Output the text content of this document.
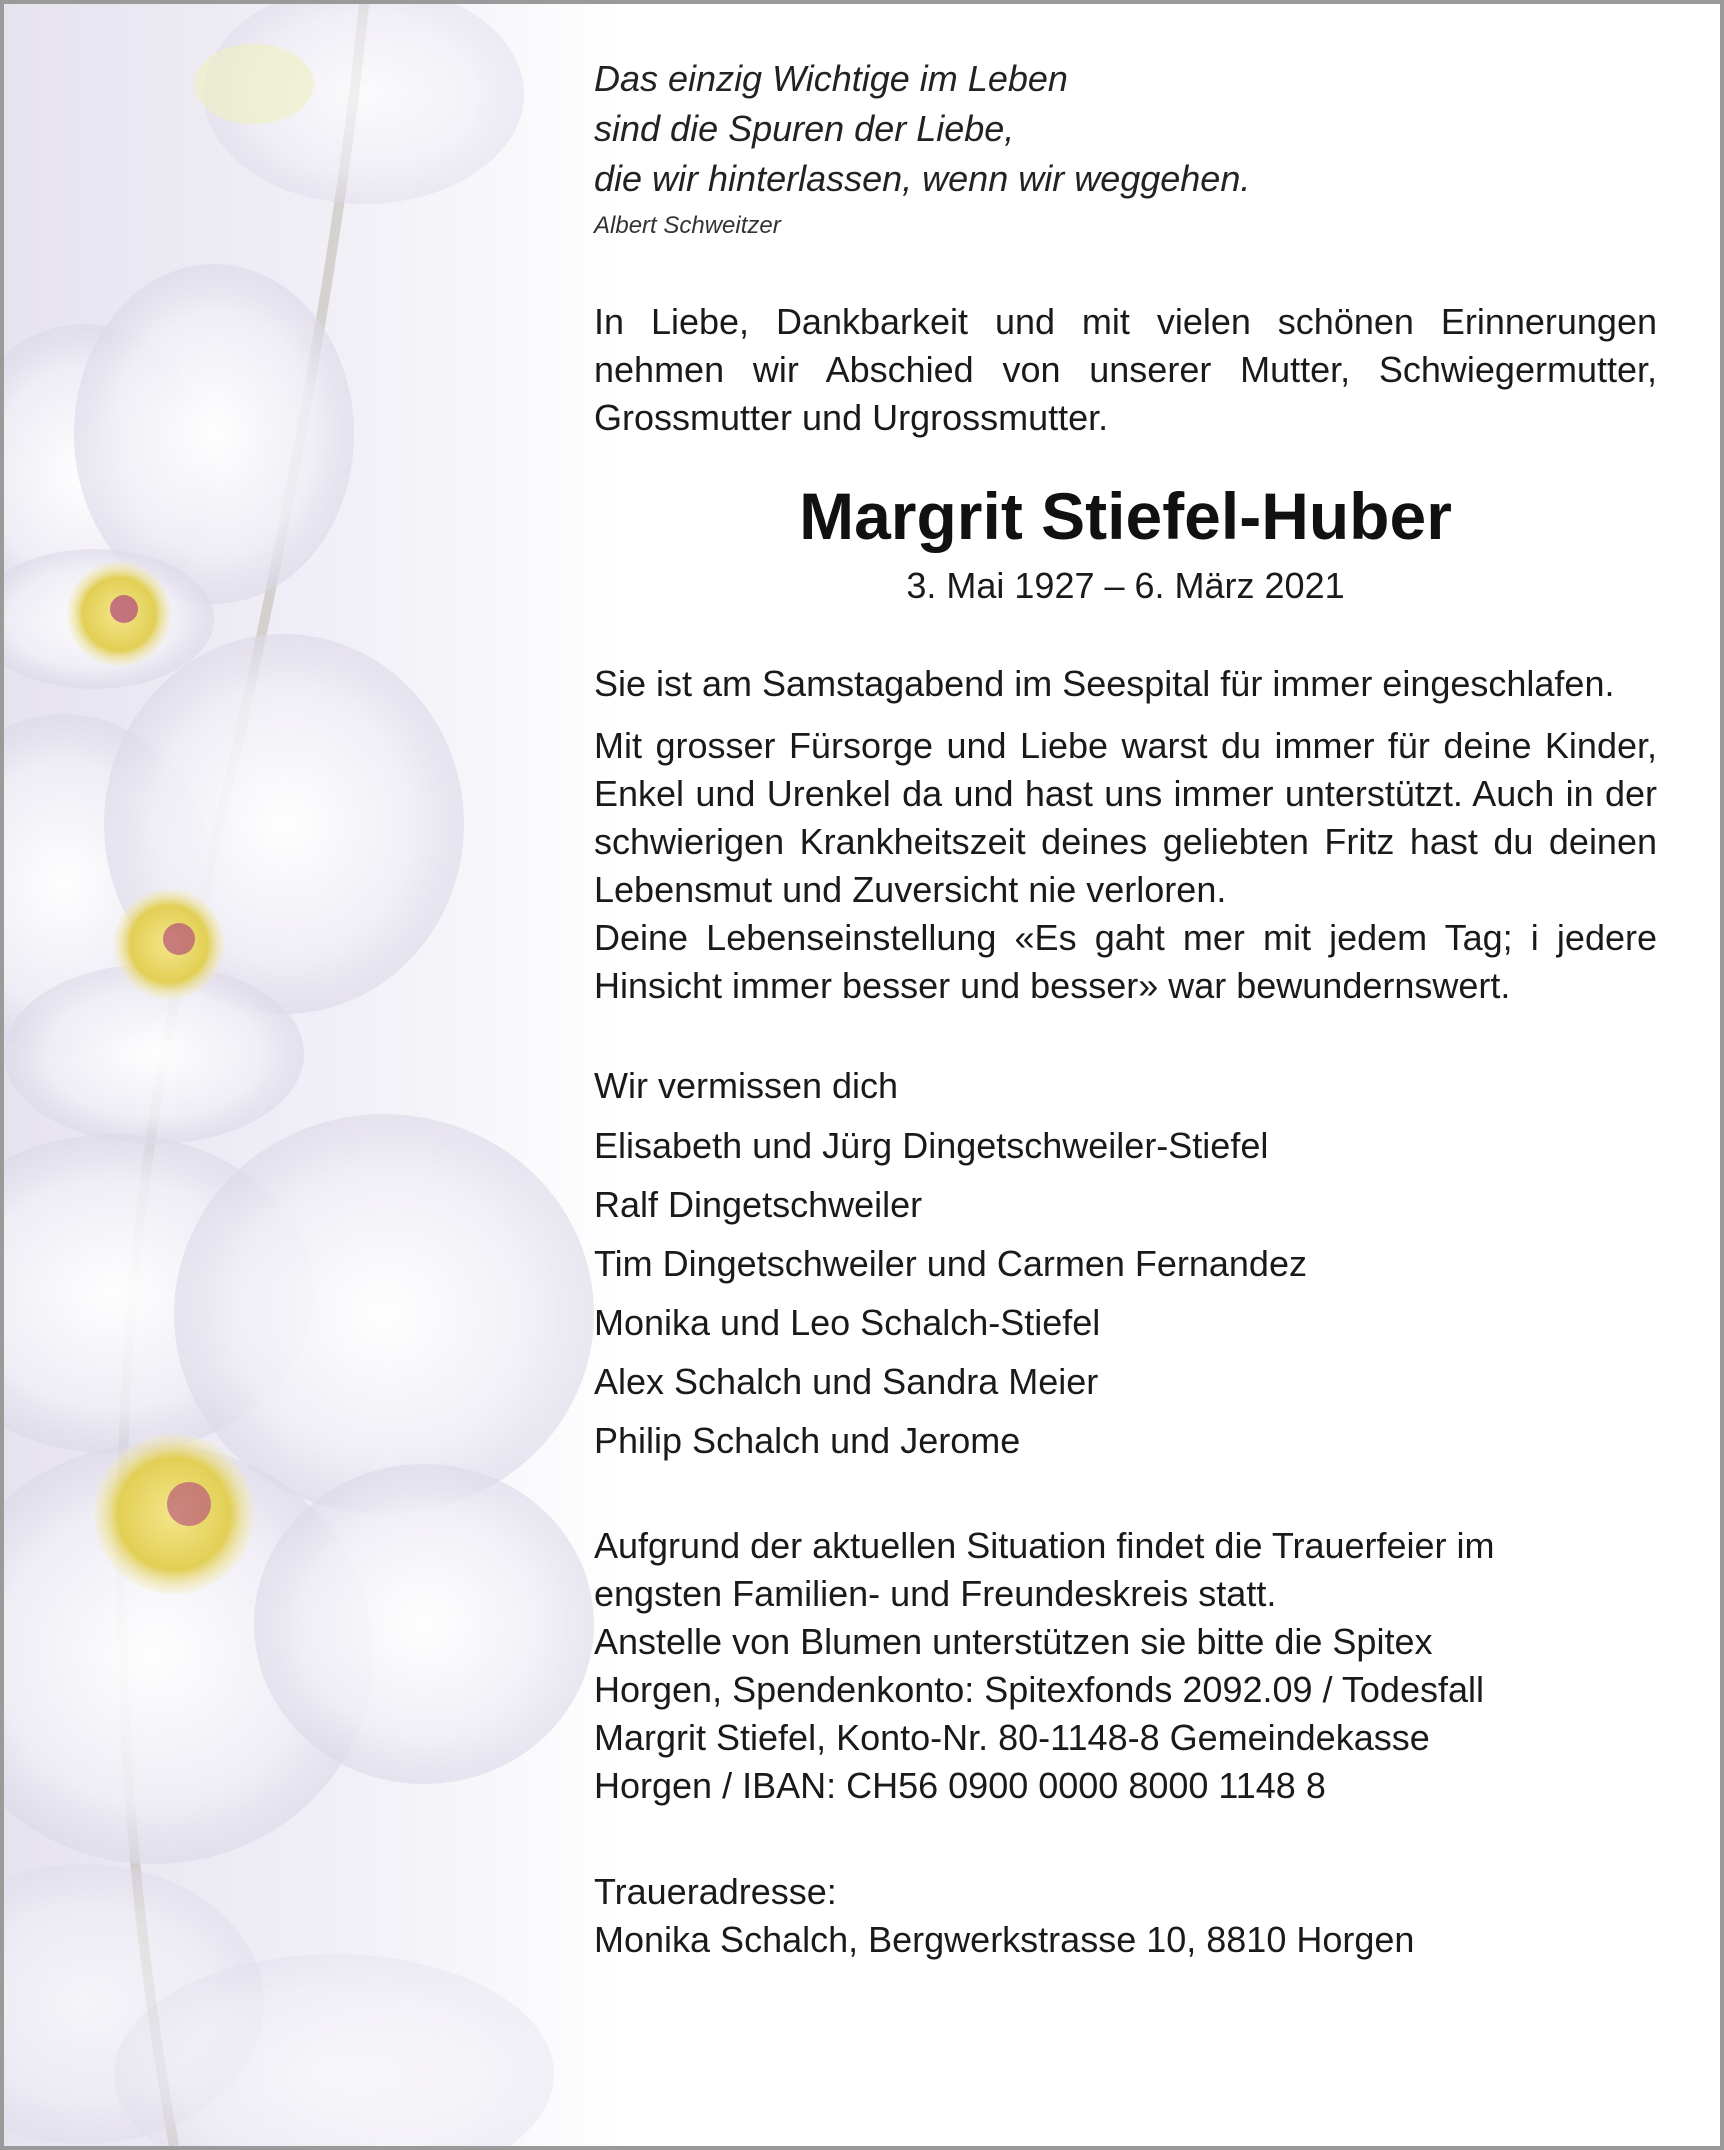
Das einzig Wichtige im Leben
sind die Spuren der Liebe,
die wir hinterlassen, wenn wir weggehen.
Albert Schweitzer

In Liebe, Dankbarkeit und mit vielen schönen Erinnerungen nehmen wir Abschied von unserer Mutter, Schwiegermutter, Grossmutter und Urgrossmutter.

Margrit Stiefel-Huber
3. Mai 1927 – 6. März 2021

Sie ist am Samstagabend im Seespital für immer eingeschlafen.

Mit grosser Fürsorge und Liebe warst du immer für deine Kinder, Enkel und Urenkel da und hast uns immer unterstützt. Auch in der schwierigen Krankheitszeit deines geliebten Fritz hast du deinen Lebensmut und Zuversicht nie verloren.

Deine Lebenseinstellung «Es gaht mer mit jedem Tag; i jedere Hinsicht immer besser und besser» war bewundernswert.

Wir vermissen dich
Elisabeth und Jürg Dingetschweiler-Stiefel
Ralf Dingetschweiler
Tim Dingetschweiler und Carmen Fernandez
Monika und Leo Schalch-Stiefel
Alex Schalch und Sandra Meier
Philip Schalch und Jerome
Aufgrund der aktuellen Situation findet die Trauerfeier im
engsten Familien- und Freundeskreis statt.
Anstelle von Blumen unterstützen sie bitte die Spitex
Horgen, Spendenkonto: Spitexfonds 2092.09 / Todesfall
Margrit Stiefel, Konto-Nr. 80-1148-8 Gemeindekasse
Horgen / IBAN: CH56 0900 0000 8000 1148 8
Traueradresse:
Monika Schalch, Bergwerkstrasse 10, 8810 Horgen
